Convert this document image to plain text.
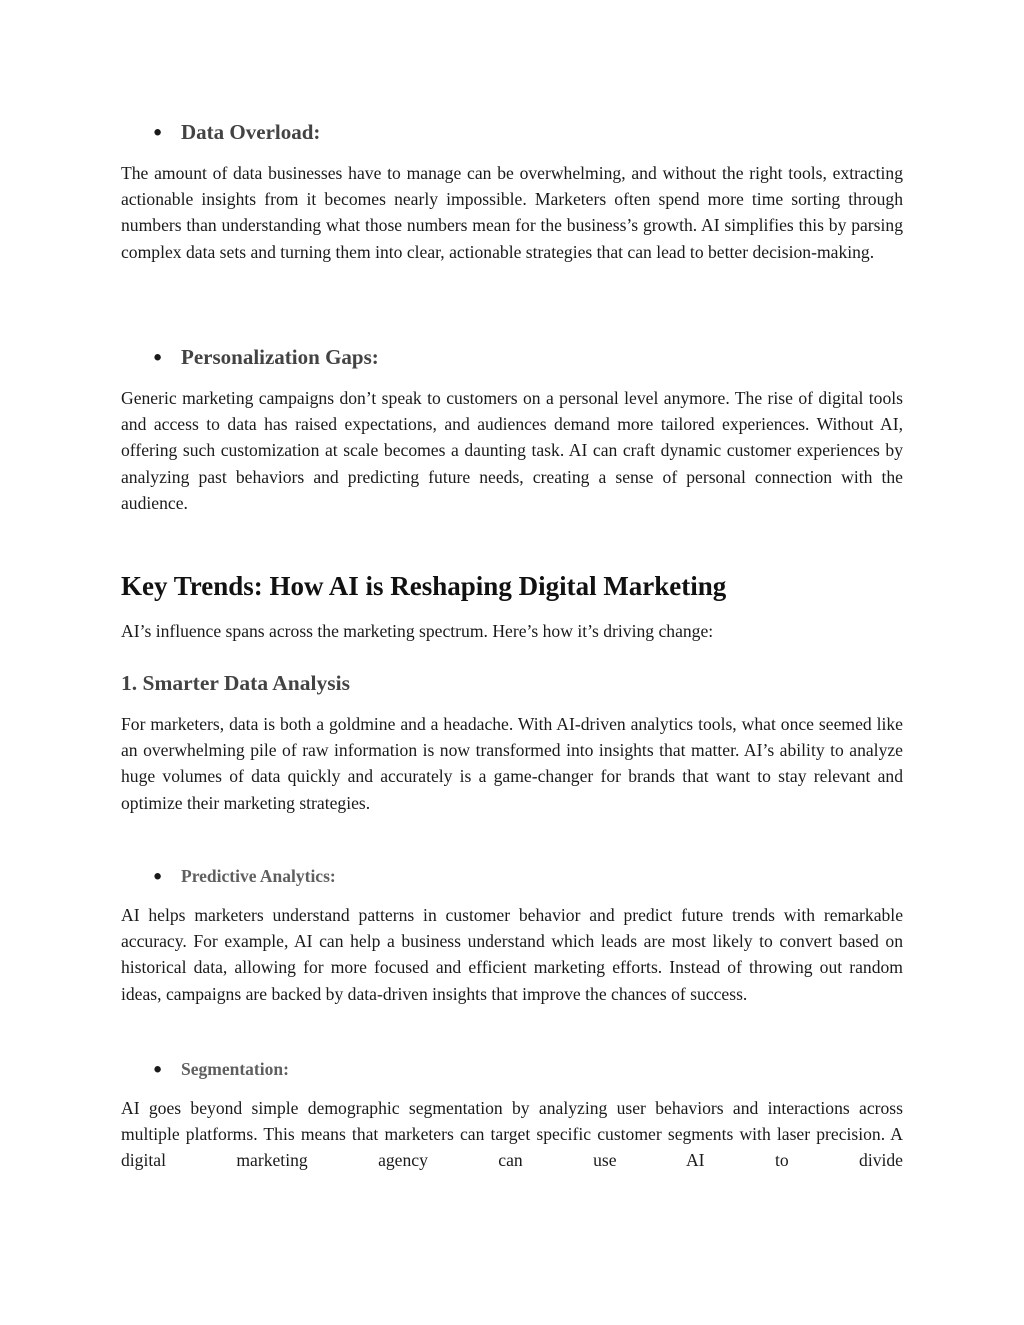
● Data Overload:

The amount of data businesses have to manage can be overwhelming, and without the right tools, extracting actionable insights from it becomes nearly impossible. Marketers often spend more time sorting through numbers than understanding what those numbers mean for the business’s growth. AI simplifies this by parsing complex data sets and turning them into clear, actionable strategies that can lead to better decision-making.

● Personalization Gaps:

Generic marketing campaigns don’t speak to customers on a personal level anymore. The rise of digital tools and access to data has raised expectations, and audiences demand more tailored experiences. Without AI, offering such customization at scale becomes a daunting task. AI can craft dynamic customer experiences by analyzing past behaviors and predicting future needs, creating a sense of personal connection with the audience.

Key Trends: How AI is Reshaping Digital Marketing

AI’s influence spans across the marketing spectrum. Here’s how it’s driving change:

1. Smarter Data Analysis

For marketers, data is both a goldmine and a headache. With AI-driven analytics tools, what once seemed like an overwhelming pile of raw information is now transformed into insights that matter. AI’s ability to analyze huge volumes of data quickly and accurately is a game-changer for brands that want to stay relevant and optimize their marketing strategies.

● Predictive Analytics:

AI helps marketers understand patterns in customer behavior and predict future trends with remarkable accuracy. For example, AI can help a business understand which leads are most likely to convert based on historical data, allowing for more focused and efficient marketing efforts. Instead of throwing out random ideas, campaigns are backed by data-driven insights that improve the chances of success.

● Segmentation:

AI goes beyond simple demographic segmentation by analyzing user behaviors and interactions across multiple platforms. This means that marketers can target specific customer segments with laser precision. A digital marketing agency can use AI to divide
